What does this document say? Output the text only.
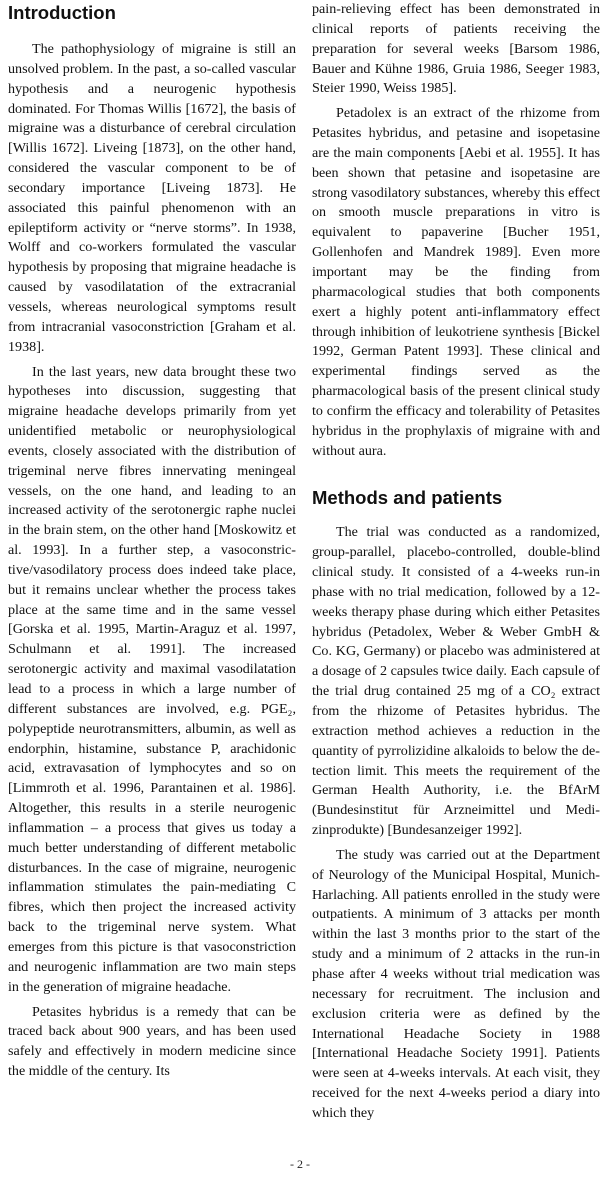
Introduction

The pathophysiology of migraine is still an unsolved problem. In the past, a so-called vascular hypothesis and a neurogenic hypothesis dominated. For Thomas Willis [1672], the basis of migraine was a disturbance of cerebral circulation [Willis 1672]. Liveing [1873], on the other hand, considered the vascular component to be of secondary importance [Liveing 1873]. He associated this painful phenomenon with an epileptiform activity or “nerve storms”. In 1938, Wolff and co-workers formulated the vascular hypothesis by proposing that migraine headache is caused by vasodilatation of the extracranial vessels, whereas neurological symptoms result from intracranial vasoconstriction [Graham et al. 1938].

In the last years, new data brought these two hypotheses into discussion, suggesting that migraine headache develops primarily from yet unidentified metabolic or neurophysiological events, closely associated with the distribution of trigeminal nerve fibres innervating meningeal vessels, on the one hand, and leading to an increased activity of the serotonergic raphe nuclei in the brain stem, on the other hand [Moskowitz et al. 1993]. In a further step, a vasoconstrictive/vasodilatory process does indeed take place, but it remains unclear whether the process takes place at the same time and in the same vessel [Gorska et al. 1995, Martin-Araguz et al. 1997, Schulmann et al. 1991]. The increased serotonergic activity and maximal vasodilatation lead to a process in which a large number of different substances are involved, e.g. PGE₂, polypeptide neurotransmitters, albumin, as well as endorphin, histamine, substance P, arachidonic acid, extravasation of lymphocytes and so on [Limmroth et al. 1996, Parantainen et al. 1986]. Altogether, this results in a sterile neurogenic inflammation – a process that gives us today a much better understanding of different metabolic disturbances. In the case of migraine, neurogenic inflammation stimulates the pain-mediating C fibres, which then project the increased activity back to the trigeminal nerve system. What emerges from this picture is that vasoconstriction and neurogenic inflammation are two main steps in the generation of migraine headache.

Petasites hybridus is a remedy that can be traced back about 900 years, and has been used safely and effectively in modern medicine since the middle of the century. Its

pain-relieving effect has been demonstrated in clinical reports of patients receiving the preparation for several weeks [Barsom 1986, Bauer and Kühne 1986, Gruia 1986, Seeger 1983, Steier 1990, Weiss 1985].

Petadolex is an extract of the rhizome from Petasites hybridus, and petasine and isopetasine are the main components [Aebi et al. 1955]. It has been shown that petasine and isopetasine are strong vasodilatory substances, whereby this effect on smooth muscle preparations in vitro is equivalent to papaverine [Bucher 1951, Gollenhofen and Mandrek 1989]. Even more important may be the finding from pharmacological studies that both components exert a highly potent anti-inflammatory effect through inhibition of leukotriene synthesis [Bickel 1992, German Patent 1993]. These clinical and experimental findings served as the pharmacological basis of the present clinical study to confirm the efficacy and tolerability of Petasites hybridus in the prophylaxis of migraine with and without aura.

Methods and patients

The trial was conducted as a randomized, group-parallel, placebo-controlled, double-blind clinical study. It consisted of a 4-weeks run-in phase with no trial medication, followed by a 12-weeks therapy phase during which either Petasites hybridus (Petadolex, Weber & Weber GmbH & Co. KG, Germany) or placebo was administered at a dosage of 2 capsules twice daily. Each capsule of the trial drug contained 25 mg of a CO₂ extract from the rhizome of Petasites hybridus. The extraction method achieves a reduction in the quantity of pyrrolizidine alkaloids to below the detection limit. This meets the requirement of the German Health Authority, i.e. the BfArM (Bundesinstitut für Arzneimittel und Medizinprodukte) [Bundesanzeiger 1992].

The study was carried out at the Department of Neurology of the Municipal Hospital, Munich-Harlaching. All patients enrolled in the study were outpatients. A minimum of 3 attacks per month within the last 3 months prior to the start of the study and a minimum of 2 attacks in the run-in phase after 4 weeks without trial medication was necessary for recruitment. The inclusion and exclusion criteria were as defined by the International Headache Society in 1988 [International Headache Society 1991]. Patients were seen at 4-weeks intervals. At each visit, they received for the next 4-weeks period a diary into which they

- 2 -
